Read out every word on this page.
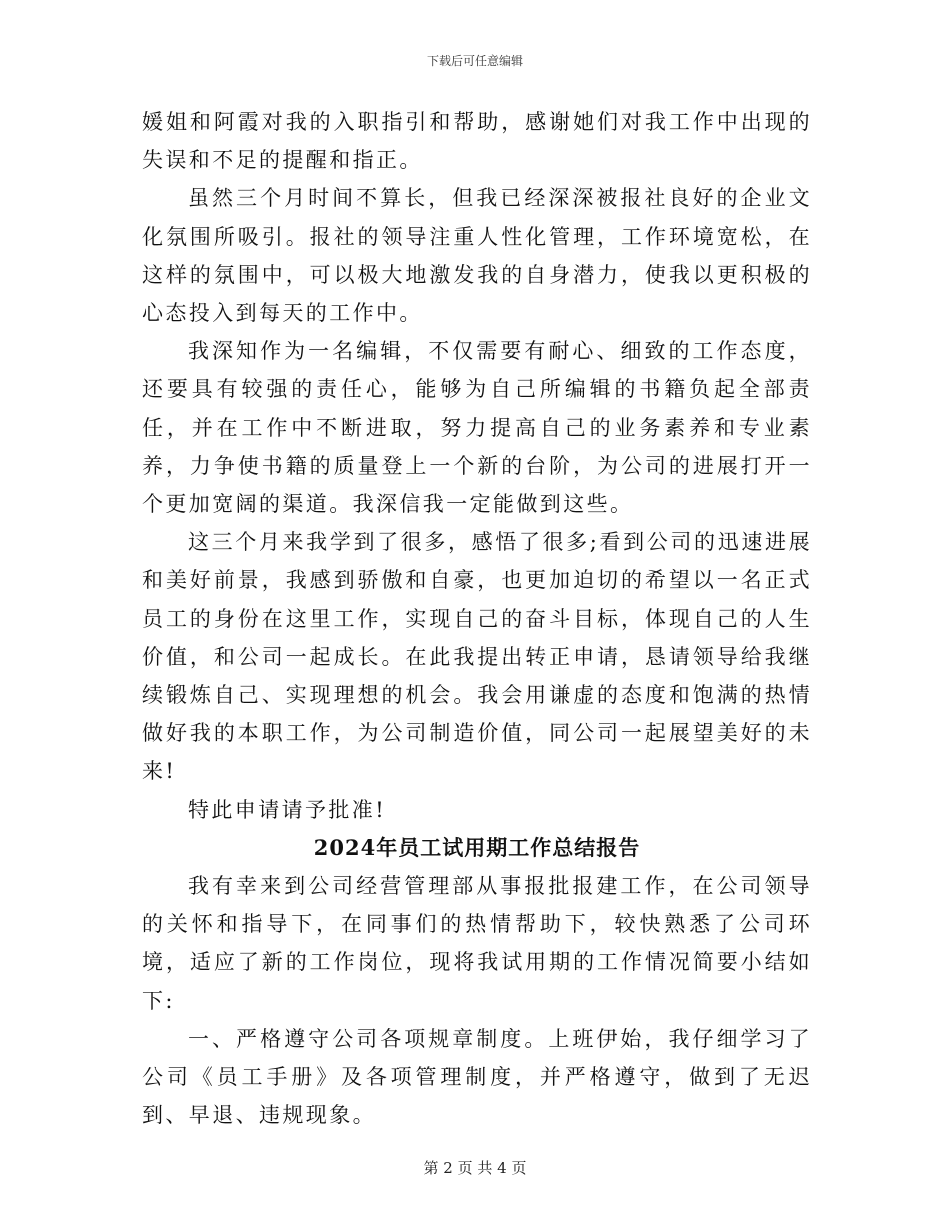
下载后可任意编辑

媛姐和阿霞对我的入职指引和帮助，感谢她们对我工作中出现的失误和不足的提醒和指正。

虽然三个月时间不算长，但我已经深深被报社良好的企业文化氛围所吸引。报社的领导注重人性化管理，工作环境宽松，在这样的氛围中，可以极大地激发我的自身潜力，使我以更积极的心态投入到每天的工作中。

我深知作为一名编辑，不仅需要有耐心、细致的工作态度，还要具有较强的责任心，能够为自己所编辑的书籍负起全部责任，并在工作中不断进取，努力提高自己的业务素养和专业素养，力争使书籍的质量登上一个新的台阶，为公司的进展打开一个更加宽阔的渠道。我深信我一定能做到这些。

这三个月来我学到了很多，感悟了很多;看到公司的迅速进展和美好前景，我感到骄傲和自豪，也更加迫切的希望以一名正式员工的身份在这里工作，实现自己的奋斗目标，体现自己的人生价值，和公司一起成长。在此我提出转正申请，恳请领导给我继续锻炼自己、实现理想的机会。我会用谦虚的态度和饱满的热情做好我的本职工作，为公司制造价值，同公司一起展望美好的未来!

特此申请请予批准!

2024年员工试用期工作总结报告

我有幸来到公司经营管理部从事报批报建工作，在公司领导的关怀和指导下，在同事们的热情帮助下，较快熟悉了公司环境，适应了新的工作岗位，现将我试用期的工作情况简要小结如下:

一、严格遵守公司各项规章制度。上班伊始，我仔细学习了公司《员工手册》及各项管理制度，并严格遵守，做到了无迟到、早退、违规现象。

第 2 页 共 4 页
